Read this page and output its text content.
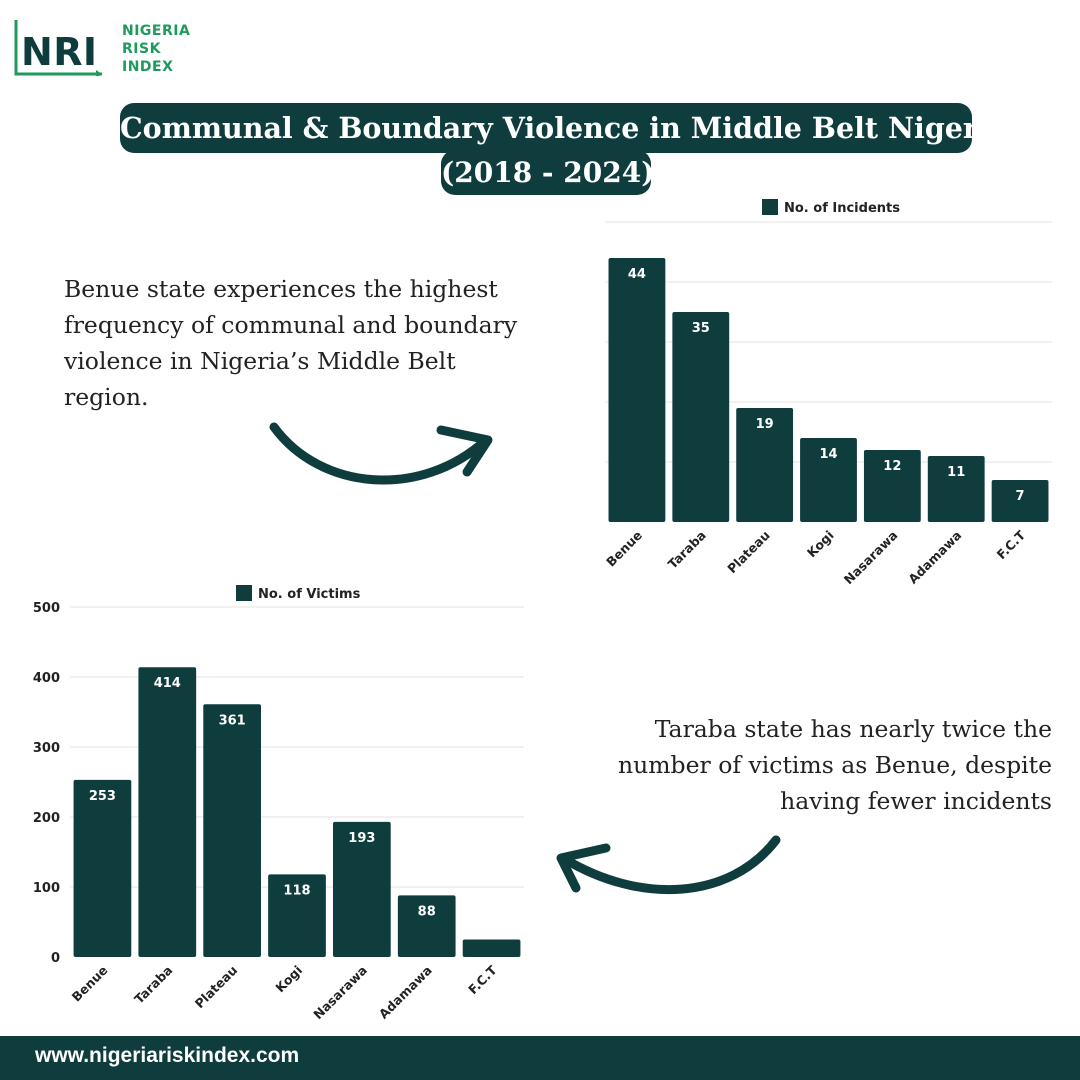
NRI NIGERIA
RISK
INDEX
Communal & Boundary Violence in Middle Belt Nigeria
(2018 - 2024)
Benue state experiences the highest frequency of communal and boundary violence in Nigeria’s Middle Belt region.
Taraba state has nearly twice the number of victims as Benue, despite having fewer incidents
44
Benue
35
Taraba
19
Plateau
14
Kogi
12
Nasarawa
11
Adamawa
7
F.C.T
No. of Incidents
0
100
200
300
400
500
253
Benue
414
Taraba
361
Plateau
118
Kogi
193
Nasarawa
88
Adamawa F.C.T
No. of Victims
www.nigeriariskindex.com
